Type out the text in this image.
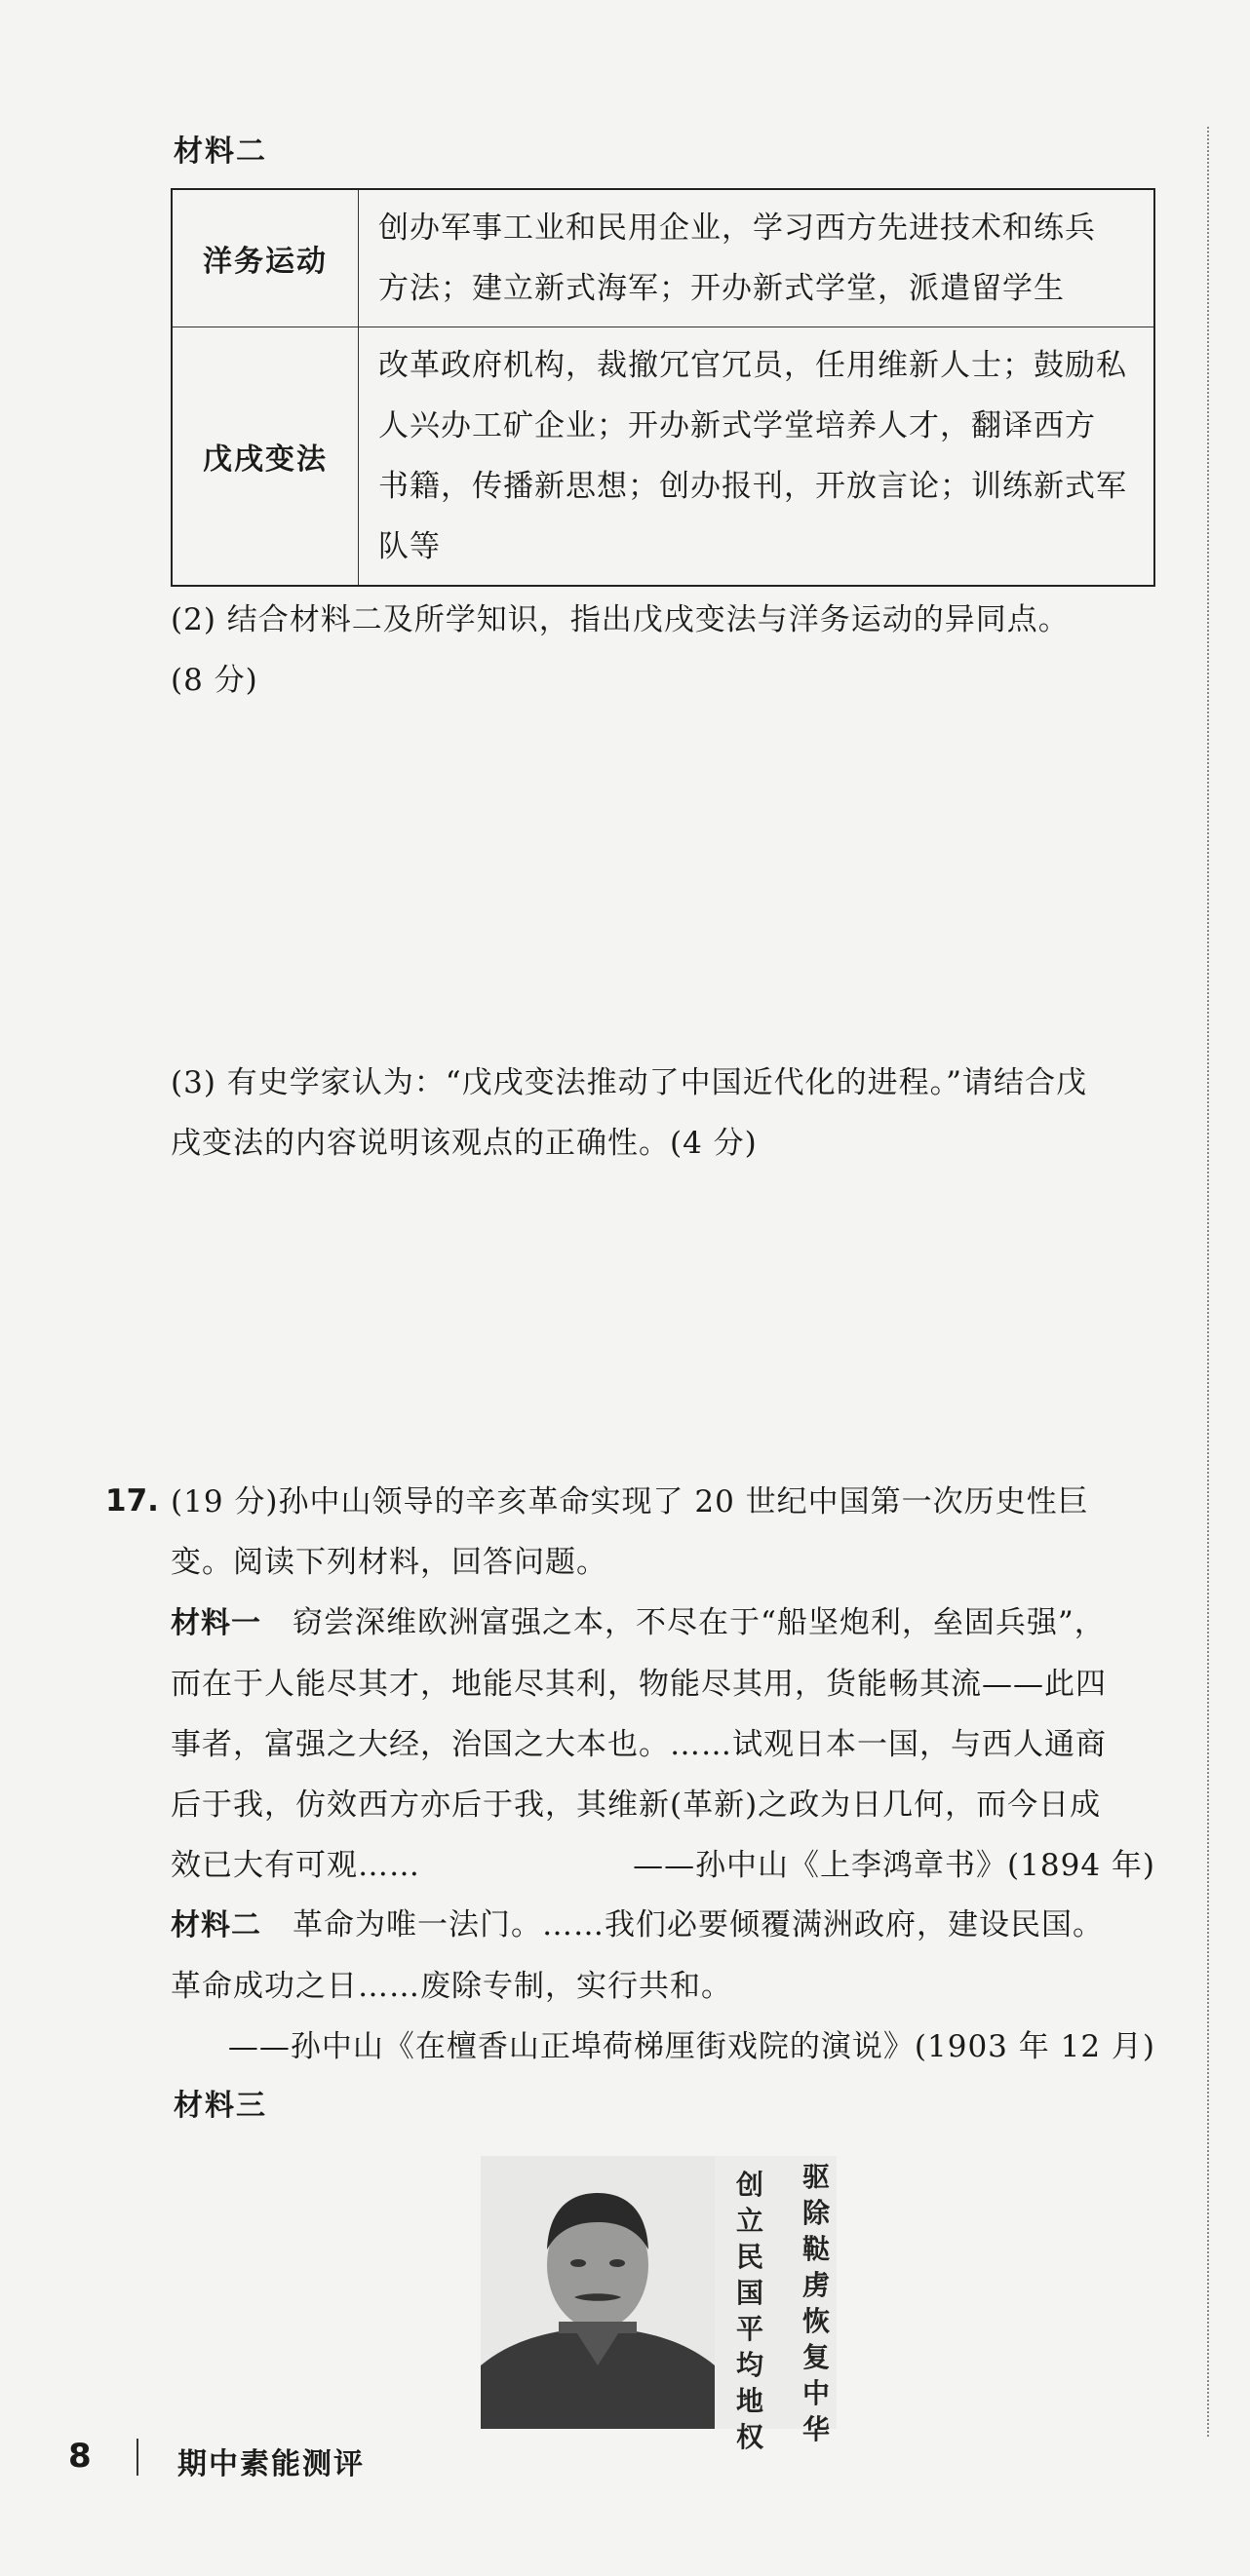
材料二
洋务运动	创办军事工业和民用企业，学习西方先进技术和练兵
方法；建立新式海军；开办新式学堂，派遣留学生

戊戌变法	改革政府机构，裁撤冗官冗员，任用维新人士；鼓励私
人兴办工矿企业；开办新式学堂培养人才，翻译西方
书籍，传播新思想；创办报刊，开放言论；训练新式军
队等
(2) 结合材料二及所学知识，指出戊戌变法与洋务运动的异同点。
(8 分)
(3) 有史学家认为：“戊戌变法推动了中国近代化的进程。”请结合戊
戌变法的内容说明该观点的正确性。(4 分)
17. (19 分)孙中山领导的辛亥革命实现了 20 世纪中国第一次历史性巨
变。阅读下列材料，回答问题。
材料一　 窃尝深维欧洲富强之本，不尽在于“船坚炮利，垒固兵强”，
而在于人能尽其才，地能尽其利，物能尽其用，货能畅其流——此四
事者，富强之大经，治国之大本也。……试观日本一国，与西人通商
后于我，仿效西方亦后于我，其维新(革新)之政为日几何，而今日成
效已大有可观……	——孙中山《上李鸿章书》(1894 年)
材料二　 革命为唯一法门。……我们必要倾覆满洲政府，建设民国。
革命成功之日……废除专制，实行共和。
——孙中山《在檀香山正埠荷梯厘街戏院的演说》(1903 年 12 月)
材料三
驱除鞑虏恢复中华
创立民国平均地权
8	期中素能测评
